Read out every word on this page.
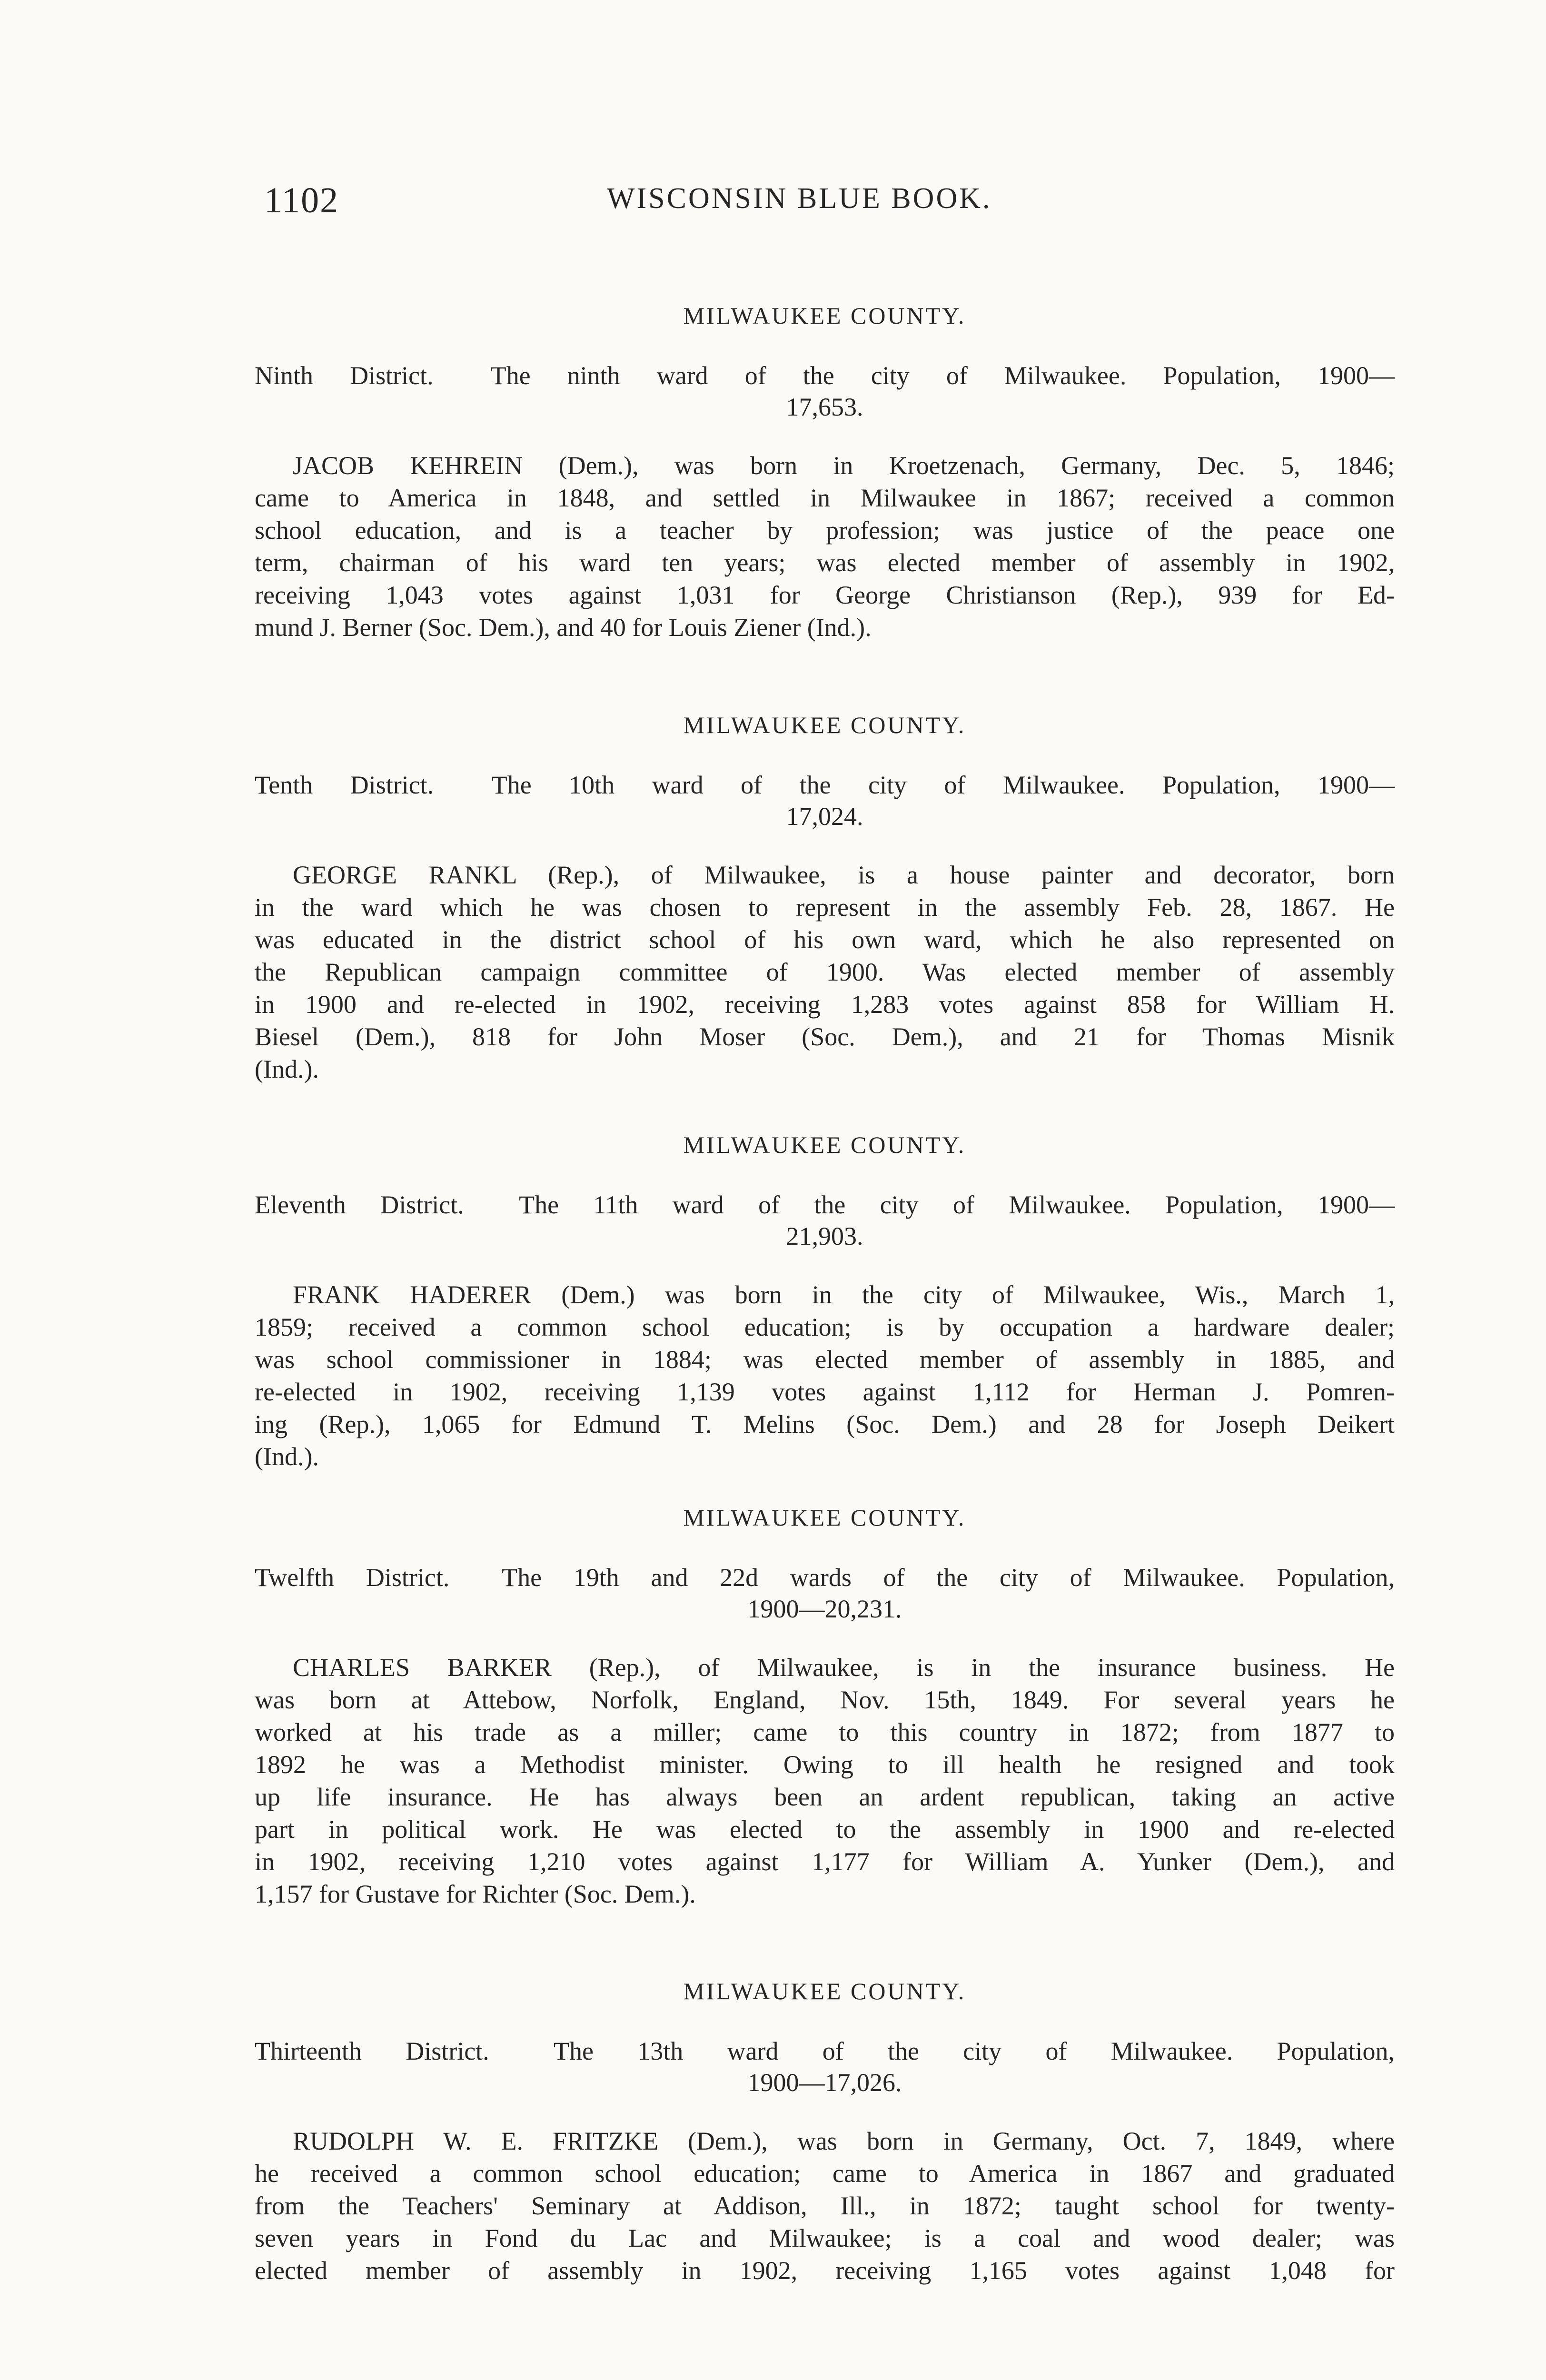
1102	WISCONSIN BLUE BOOK.
MILWAUKEE COUNTY.
Ninth District. The ninth ward of the city of Milwaukee. Population, 1900—
17,653.
JACOB KEHREIN (Dem.), was born in Kroetzenach, Germany, Dec. 5, 1846;
came to America in 1848, and settled in Milwaukee in 1867; received a common
school education, and is a teacher by profession; was justice of the peace one
term, chairman of his ward ten years; was elected member of assembly in 1902,
receiving 1,043 votes against 1,031 for George Christianson (Rep.), 939 for Ed-
mund J. Berner (Soc. Dem.), and 40 for Louis Ziener (Ind.).
MILWAUKEE COUNTY.
Tenth District. The 10th ward of the city of Milwaukee. Population, 1900—
17,024.
GEORGE RANKL (Rep.), of Milwaukee, is a house painter and decorator, born
in the ward which he was chosen to represent in the assembly Feb. 28, 1867. He
was educated in the district school of his own ward, which he also represented on
the Republican campaign committee of 1900. Was elected member of assembly
in 1900 and re-elected in 1902, receiving 1,283 votes against 858 for William H.
Biesel (Dem.), 818 for John Moser (Soc. Dem.), and 21 for Thomas Misnik
(Ind.).
MILWAUKEE COUNTY.
Eleventh District. The 11th ward of the city of Milwaukee. Population, 1900—
21,903.
FRANK HADERER (Dem.) was born in the city of Milwaukee, Wis., March 1,
1859; received a common school education; is by occupation a hardware dealer;
was school commissioner in 1884; was elected member of assembly in 1885, and
re-elected in 1902, receiving 1,139 votes against 1,112 for Herman J. Pomren-
ing (Rep.), 1,065 for Edmund T. Melins (Soc. Dem.) and 28 for Joseph Deikert
(Ind.).
MILWAUKEE COUNTY.
Twelfth District. The 19th and 22d wards of the city of Milwaukee. Population,
1900—20,231.
CHARLES BARKER (Rep.), of Milwaukee, is in the insurance business. He
was born at Attebow, Norfolk, England, Nov. 15th, 1849. For several years he
worked at his trade as a miller; came to this country in 1872; from 1877 to
1892 he was a Methodist minister. Owing to ill health he resigned and took
up life insurance. He has always been an ardent republican, taking an active
part in political work. He was elected to the assembly in 1900 and re-elected
in 1902, receiving 1,210 votes against 1,177 for William A. Yunker (Dem.), and
1,157 for Gustave for Richter (Soc. Dem.).
MILWAUKEE COUNTY.
Thirteenth District.	The 13th ward of the city of Milwaukee. Population,
1900—17,026.
RUDOLPH W. E. FRITZKE (Dem.), was born in Germany, Oct. 7, 1849, where
he received a common school education; came to America in 1867 and graduated
from the Teachers' Seminary at Addison, Ill., in 1872; taught school for twenty-
seven years in Fond du Lac and Milwaukee; is a coal and wood dealer; was
elected member of assembly in 1902, receiving 1,165 votes against 1,048 for
